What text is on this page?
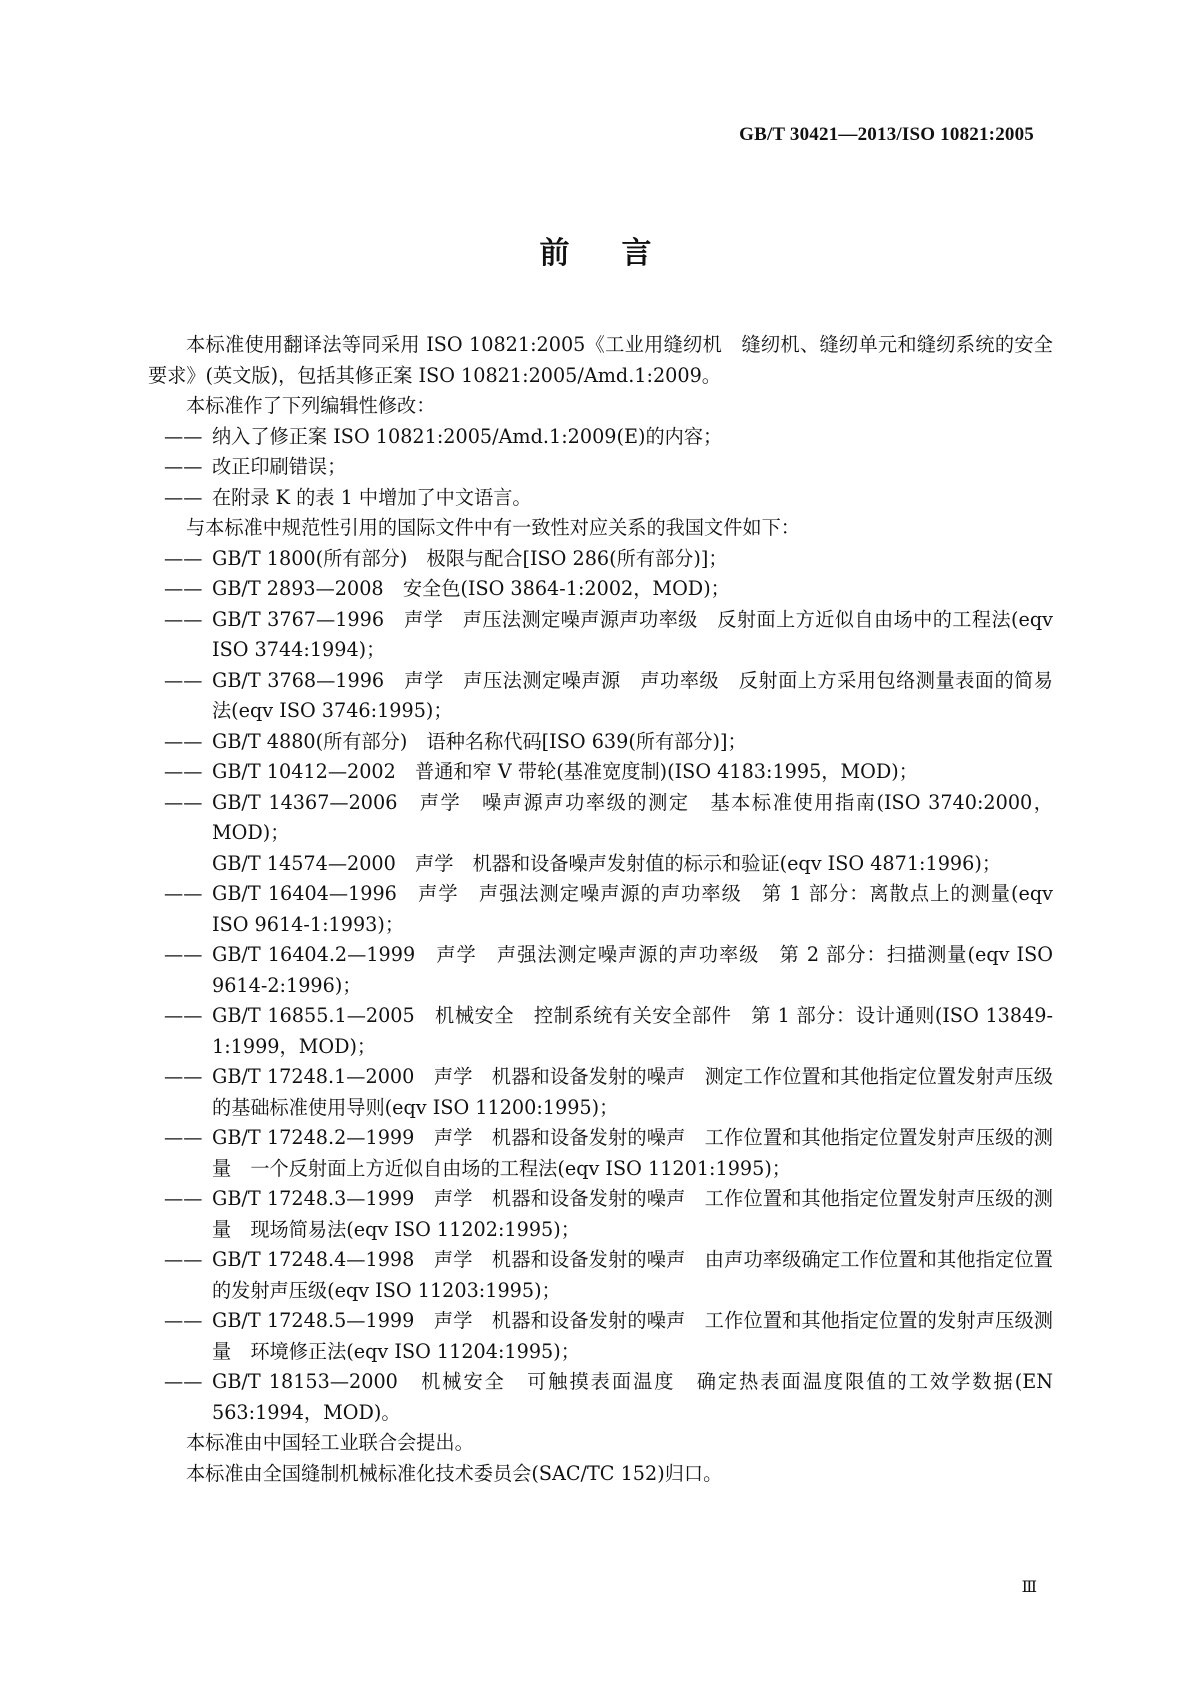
GB/T 30421—2013/ISO 10821:2005
前言

本标准使用翻译法等同采用 ISO 10821:2005《工业用缝纫机　缝纫机、缝纫单元和缝纫系统的安全要求》(英文版)，包括其修正案 ISO 10821:2005/Amd.1:2009。

本标准作了下列编辑性修改：

—— 纳入了修正案 ISO 10821:2005/Amd.1:2009(E)的内容；

—— 改正印刷错误；

—— 在附录 K 的表 1 中增加了中文语言。

与本标准中规范性引用的国际文件中有一致性对应关系的我国文件如下：

—— GB/T 1800(所有部分)　极限与配合[ISO 286(所有部分)]；

—— GB/T 2893—2008　安全色(ISO 3864-1:2002，MOD)；

—— GB/T 3767—1996　声学　声压法测定噪声源声功率级　反射面上方近似自由场中的工程法(eqv ISO 3744:1994)；

—— GB/T 3768—1996　声学　声压法测定噪声源　声功率级　反射面上方采用包络测量表面的简易法(eqv ISO 3746:1995)；

—— GB/T 4880(所有部分)　语种名称代码[ISO 639(所有部分)]；

—— GB/T 10412—2002　普通和窄 V 带轮(基准宽度制)(ISO 4183:1995，MOD)；

—— GB/T 14367—2006　声学　噪声源声功率级的测定　基本标准使用指南(ISO 3740:2000，MOD)；

GB/T 14574—2000　声学　机器和设备噪声发射值的标示和验证(eqv ISO 4871:1996)；

—— GB/T 16404—1996　声学　声强法测定噪声源的声功率级　第 1 部分：离散点上的测量(eqv ISO 9614-1:1993)；

—— GB/T 16404.2—1999　声学　声强法测定噪声源的声功率级　第 2 部分：扫描测量(eqv ISO 9614-2:1996)；

—— GB/T 16855.1—2005　机械安全　控制系统有关安全部件　第 1 部分：设计通则(ISO 13849-1:1999，MOD)；

—— GB/T 17248.1—2000　声学　机器和设备发射的噪声　测定工作位置和其他指定位置发射声压级的基础标准使用导则(eqv ISO 11200:1995)；

—— GB/T 17248.2—1999　声学　机器和设备发射的噪声　工作位置和其他指定位置发射声压级的测量　一个反射面上方近似自由场的工程法(eqv ISO 11201:1995)；

—— GB/T 17248.3—1999　声学　机器和设备发射的噪声　工作位置和其他指定位置发射声压级的测量　现场简易法(eqv ISO 11202:1995)；

—— GB/T 17248.4—1998　声学　机器和设备发射的噪声　由声功率级确定工作位置和其他指定位置的发射声压级(eqv ISO 11203:1995)；

—— GB/T 17248.5—1999　声学　机器和设备发射的噪声　工作位置和其他指定位置的发射声压级测量　环境修正法(eqv ISO 11204:1995)；

—— GB/T 18153—2000　机械安全　可触摸表面温度　确定热表面温度限值的工效学数据(EN 563:1994，MOD)。

本标准由中国轻工业联合会提出。

本标准由全国缝制机械标准化技术委员会(SAC/TC 152)归口。

Ⅲ
